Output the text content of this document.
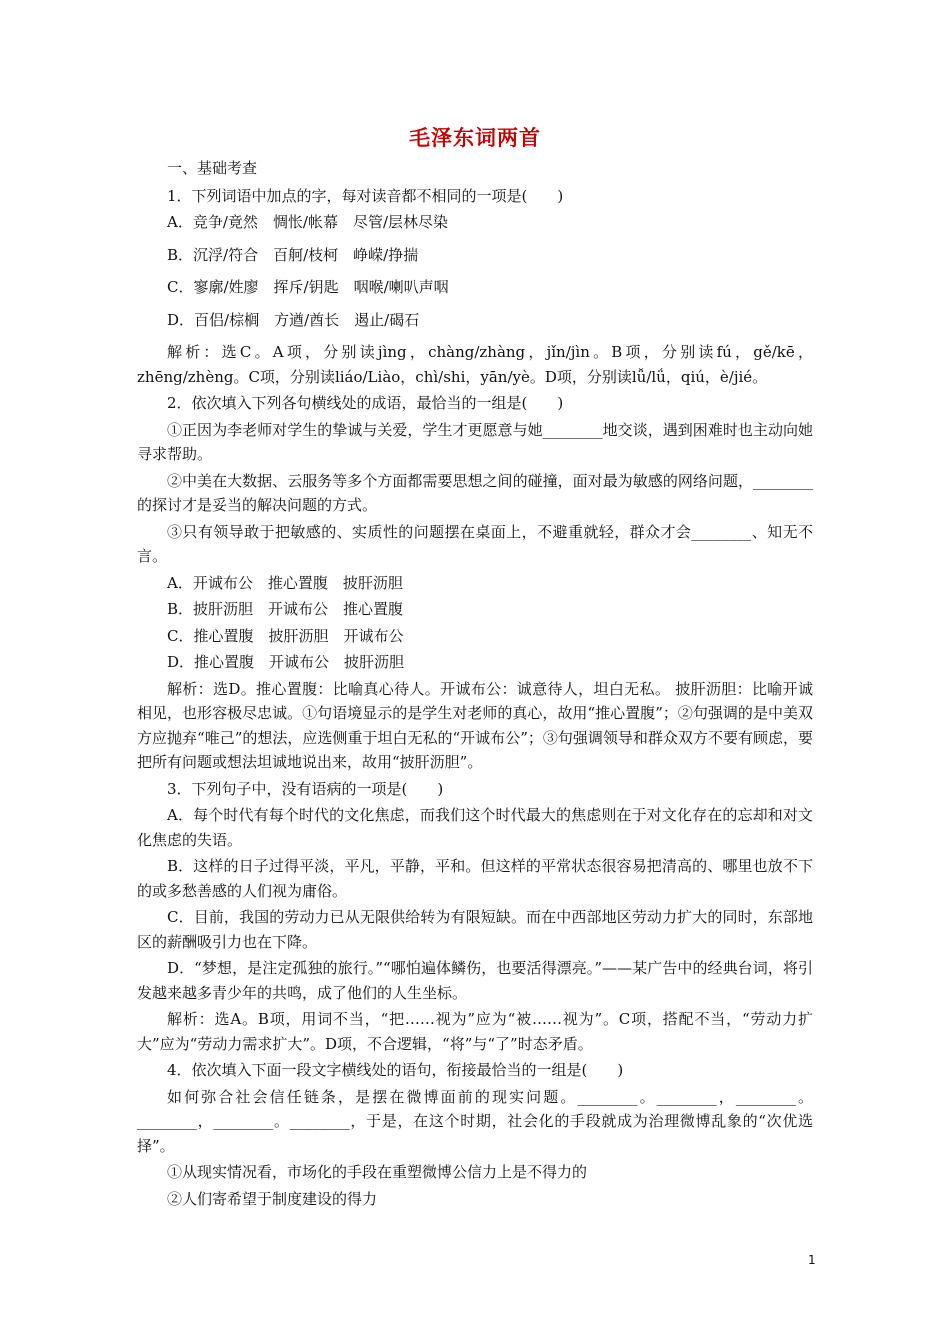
毛泽东词两首
一、基础考查
1．下列词语中加点的字，每对读音都不相同的一项是(　　)
A．竞争/竟然　惆怅/帐幕　尽管/层林尽染
B．沉浮/符合　百舸/枝柯　峥嵘/挣揣
C．寥廓/姓廖　挥斥/钥匙　咽喉/喇叭声咽
D．百侣/棕榈　方遒/酋长　遏止/碣石
解析：选C。A项，分别读jìng，chàng/zhàng，jǐn/jìn。B项，分别读fú，gě/kē，zhēng/zhèng。C项，分别读liáo/Liào，chì/shi，yān/yè。D项，分别读lǚ/lǘ，qiú，è/jié。
2．依次填入下列各句横线处的成语，最恰当的一组是(　　)
①正因为李老师对学生的挚诚与关爱，学生才更愿意与她________地交谈，遇到困难时也主动向她寻求帮助。
②中美在大数据、云服务等多个方面都需要思想之间的碰撞，面对最为敏感的网络问题，________的探讨才是妥当的解决问题的方式。
③只有领导敢于把敏感的、实质性的问题摆在桌面上，不避重就轻，群众才会________、知无不言。
A．开诚布公　推心置腹　披肝沥胆
B．披肝沥胆　开诚布公　推心置腹
C．推心置腹　披肝沥胆　开诚布公
D．推心置腹　开诚布公　披肝沥胆
解析：选D。推心置腹：比喻真心待人。开诚布公：诚意待人，坦白无私。 披肝沥胆：比喻开诚相见，也形容极尽忠诚。①句语境显示的是学生对老师的真心，故用“推心置腹”；②句强调的是中美双方应抛弃“唯己”的想法，应选侧重于坦白无私的“开诚布公”；③句强调领导和群众双方不要有顾虑，要把所有问题或想法坦诚地说出来，故用“披肝沥胆”。
3．下列句子中，没有语病的一项是(　　)
A．每个时代有每个时代的文化焦虑，而我们这个时代最大的焦虑则在于对文化存在的忘却和对文化焦虑的失语。
B．这样的日子过得平淡，平凡，平静，平和。但这样的平常状态很容易把清高的、哪里也放不下的或多愁善感的人们视为庸俗。
C．目前，我国的劳动力已从无限供给转为有限短缺。而在中西部地区劳动力扩大的同时，东部地区的薪酬吸引力也在下降。
D．“梦想，是注定孤独的旅行。”“哪怕遍体鳞伤，也要活得漂亮。”——某广告中的经典台词，将引发越来越多青少年的共鸣，成了他们的人生坐标。
解析：选A。B项，用词不当，“把……视为”应为“被……视为”。C项，搭配不当，“劳动力扩大”应为“劳动力需求扩大”。D项，不合逻辑，“将”与“了”时态矛盾。
4．依次填入下面一段文字横线处的语句，衔接最恰当的一组是(　　)
如何弥合社会信任链条，是摆在微博面前的现实问题。________。________，________。________，________。________，于是，在这个时期，社会化的手段就成为治理微博乱象的“次优选择”。
①从现实情况看，市场化的手段在重塑微博公信力上是不得力的
②人们寄希望于制度建设的得力
1
